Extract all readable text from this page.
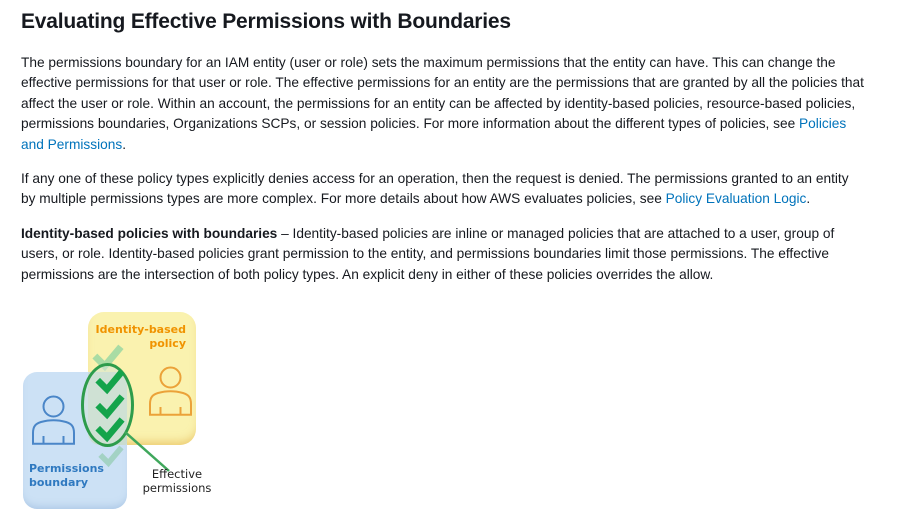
Evaluating Effective Permissions with Boundaries

The permissions boundary for an IAM entity (user or role) sets the maximum permissions that the entity can have. This can change the effective permissions for that user or role. The effective permissions for an entity are the permissions that are granted by all the policies that affect the user or role. Within an account, the permissions for an entity can be affected by identity-based policies, resource-based policies, permissions boundaries, Organizations SCPs, or session policies. For more information about the different types of policies, see Policies and Permissions.

If any one of these policy types explicitly denies access for an operation, then the request is denied. The permissions granted to an entity by multiple permissions types are more complex. For more details about how AWS evaluates policies, see Policy Evaluation Logic.

Identity-based policies with boundaries – Identity-based policies are inline or managed policies that are attached to a user, group of users, or role. Identity-based policies grant permission to the entity, and permissions boundaries limit those permissions. The effective permissions are the intersection of both policy types. An explicit deny in either of these policies overrides the allow.

Identity-based policy
Permissions boundary
Effective permissions
